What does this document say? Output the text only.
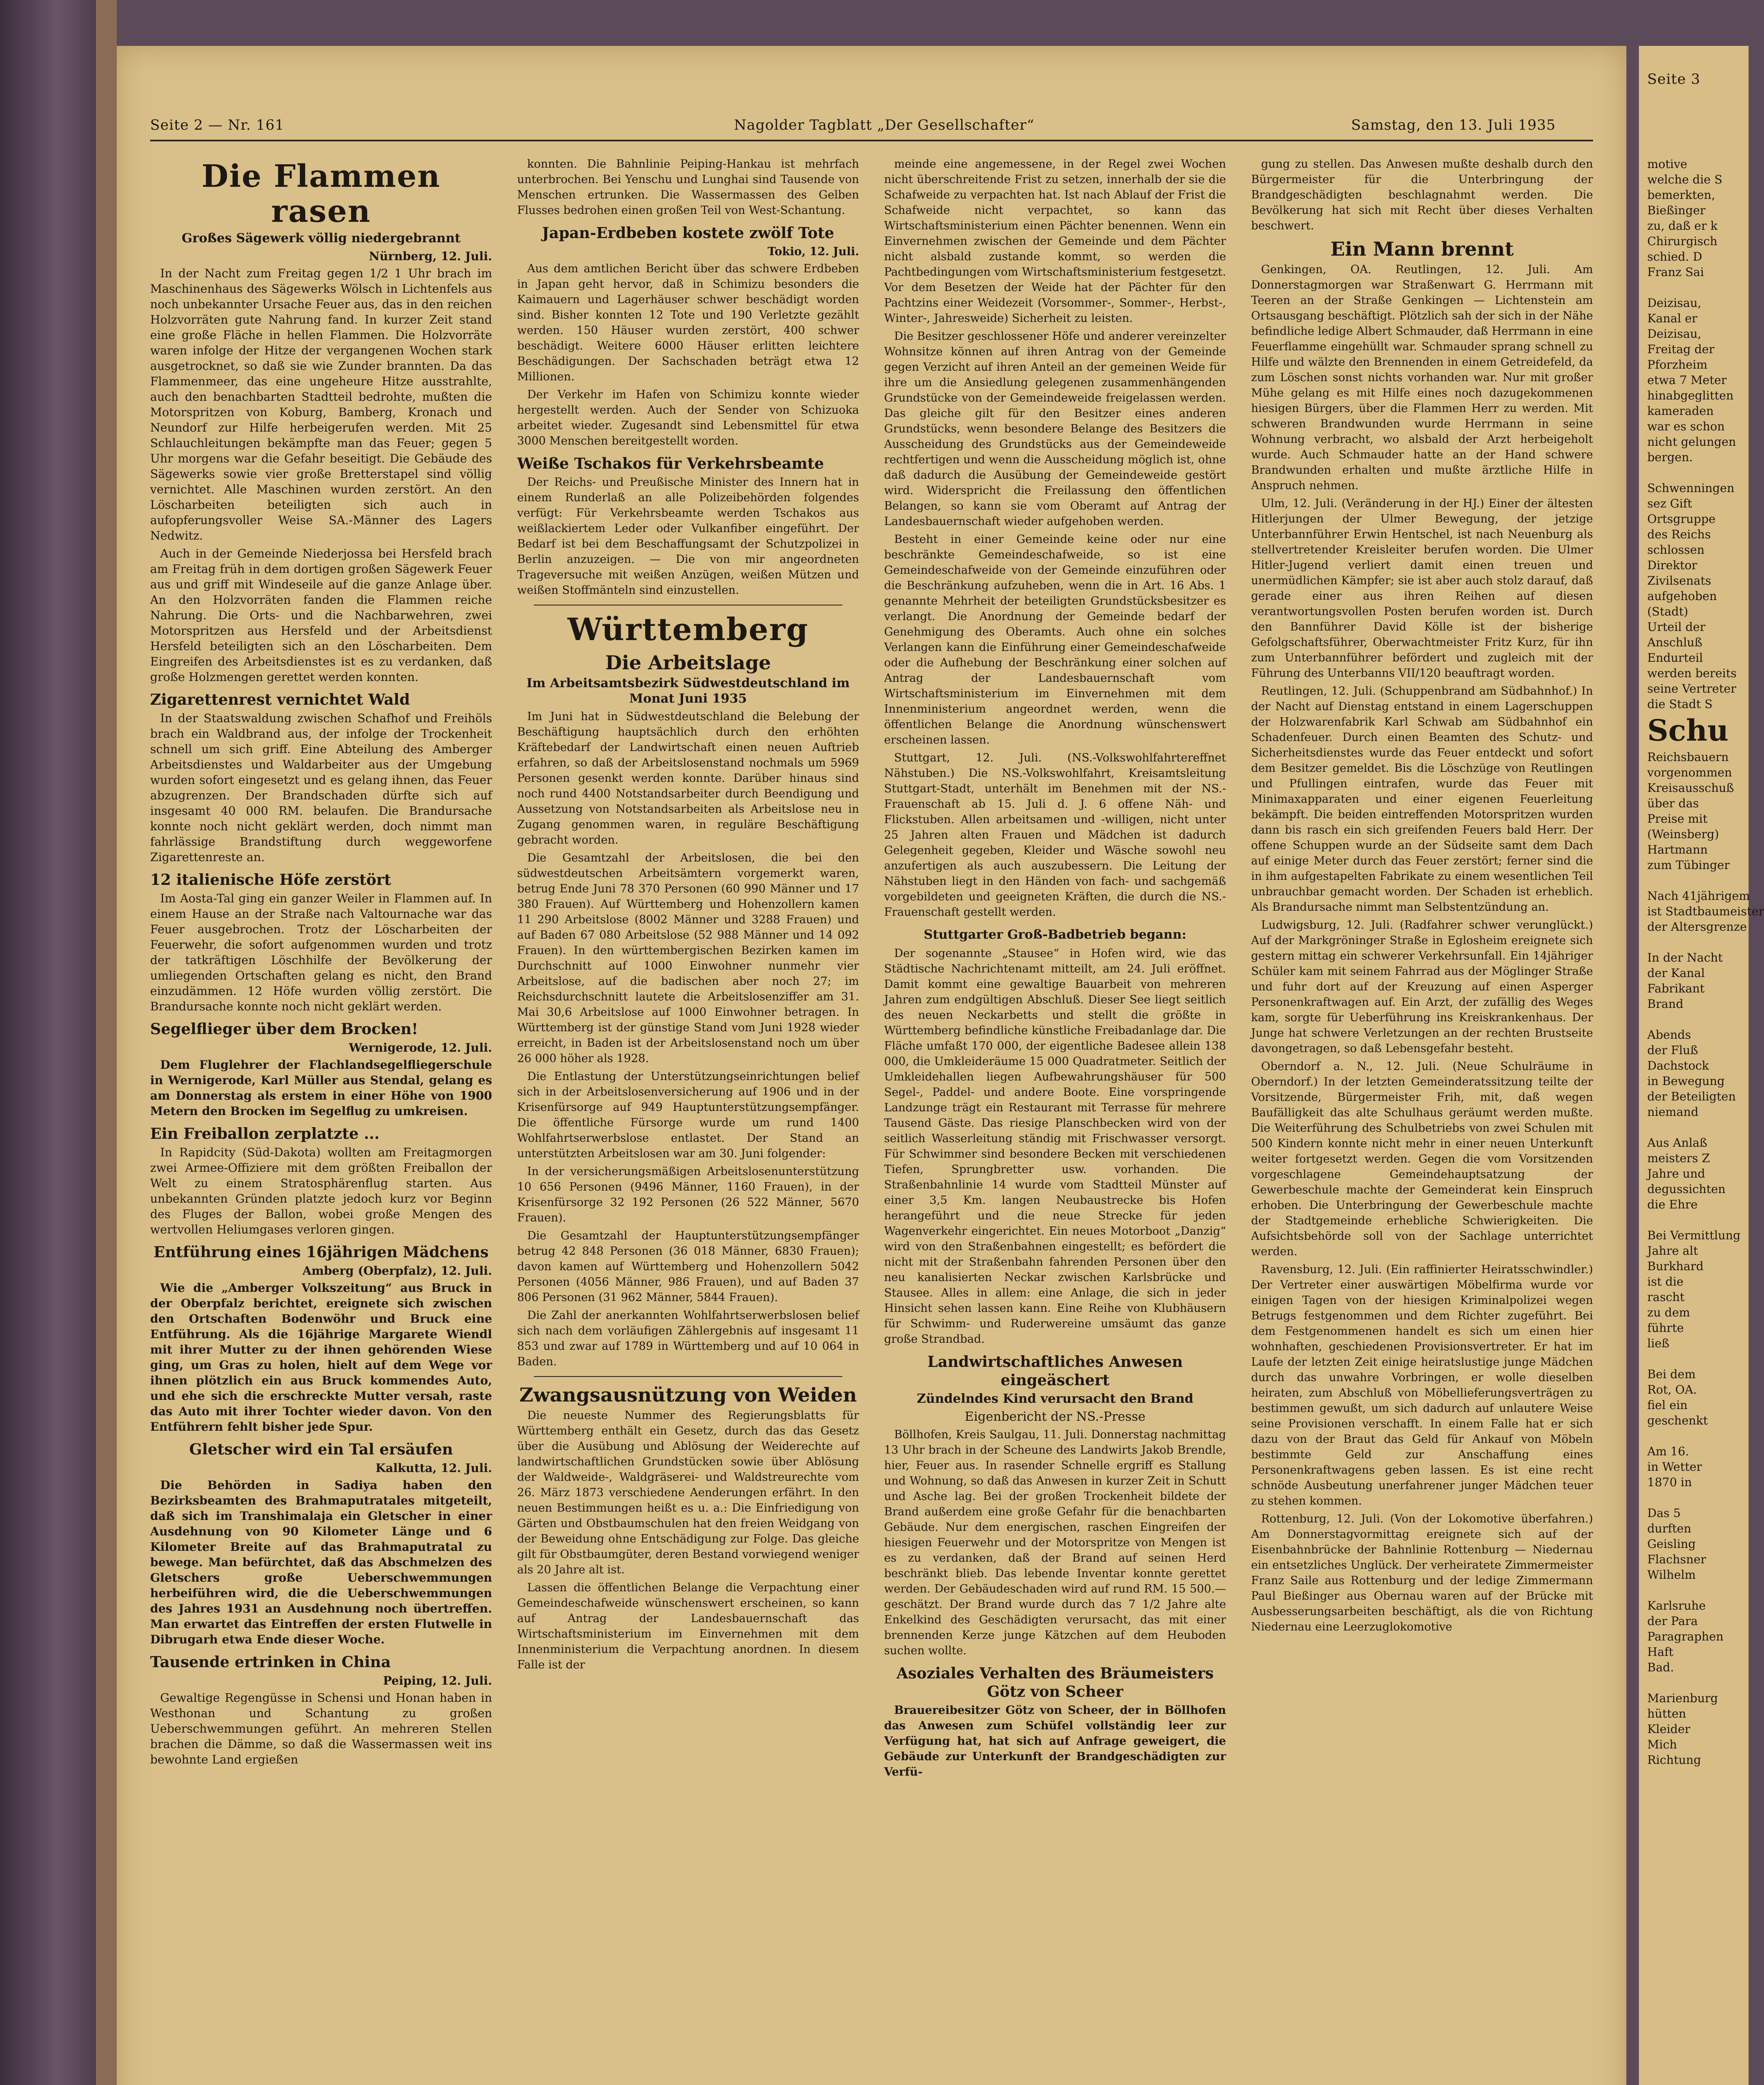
Seite 2 — Nr. 161	Nagolder Tagblatt „Der Gesellschafter“	Samstag, den 13. Juli 1935
Die Flammen rasen

Großes Sägewerk völlig niedergebrannt

Nürnberg, 12. Juli.

In der Nacht zum Freitag gegen 1/2 1 Uhr brach im Maschinenhaus des Sägewerks Wölsch in Lichtenfels aus noch unbekannter Ursache Feuer aus, das in den reichen Holzvorräten gute Nahrung fand. In kurzer Zeit stand eine große Fläche in hellen Flammen. Die Holzvorräte waren infolge der Hitze der vergangenen Wochen stark ausgetrocknet, so daß sie wie Zunder brannten. Da das Flammenmeer, das eine ungeheure Hitze ausstrahlte, auch den benachbarten Stadtteil bedrohte, mußten die Motorspritzen von Koburg, Bamberg, Kronach und Neundorf zur Hilfe herbeigerufen werden. Mit 25 Schlauchleitungen bekämpfte man das Feuer; gegen 5 Uhr morgens war die Gefahr beseitigt. Die Gebäude des Sägewerks sowie vier große Bretterstapel sind völlig vernichtet. Alle Maschinen wurden zerstört. An den Löscharbeiten beteiligten sich auch in aufopferungsvoller Weise SA.-Männer des Lagers Nedwitz.

Auch in der Gemeinde Niederjossa bei Hersfeld brach am Freitag früh in dem dortigen großen Sägewerk Feuer aus und griff mit Windeseile auf die ganze Anlage über. An den Holzvorräten fanden die Flammen reiche Nahrung. Die Orts- und die Nachbarwehren, zwei Motorspritzen aus Hersfeld und der Arbeitsdienst Hersfeld beteiligten sich an den Löscharbeiten. Dem Eingreifen des Arbeitsdienstes ist es zu verdanken, daß große Holzmengen gerettet werden konnten.

Zigarettenrest vernichtet Wald

In der Staatswaldung zwischen Schafhof und Freihöls brach ein Waldbrand aus, der infolge der Trockenheit schnell um sich griff. Eine Abteilung des Amberger Arbeitsdienstes und Waldarbeiter aus der Umgebung wurden sofort eingesetzt und es gelang ihnen, das Feuer abzugrenzen. Der Brandschaden dürfte sich auf insgesamt 40 000 RM. belaufen. Die Brandursache konnte noch nicht geklärt werden, doch nimmt man fahrlässige Brandstiftung durch weggeworfene Zigarettenreste an.

12 italienische Höfe zerstört

Im Aosta-Tal ging ein ganzer Weiler in Flammen auf. In einem Hause an der Straße nach Valtournache war das Feuer ausgebrochen. Trotz der Löscharbeiten der Feuerwehr, die sofort aufgenommen wurden und trotz der tatkräftigen Löschhilfe der Bevölkerung der umliegenden Ortschaften gelang es nicht, den Brand einzudämmen. 12 Höfe wurden völlig zerstört. Die Brandursache konnte noch nicht geklärt werden.

Segelflieger über dem Brocken!

Wernigerode, 12. Juli.

Dem Fluglehrer der Flachlandsegelfliegerschule in Wernigerode, Karl Müller aus Stendal, gelang es am Donnerstag als erstem in einer Höhe von 1900 Metern den Brocken im Segelflug zu umkreisen.

Ein Freiballon zerplatzte ...

In Rapidcity (Süd-Dakota) wollten am Freitagmorgen zwei Armee-Offiziere mit dem größten Freiballon der Welt zu einem Stratosphärenflug starten. Aus unbekannten Gründen platzte jedoch kurz vor Beginn des Fluges der Ballon, wobei große Mengen des wertvollen Heliumgases verloren gingen.

Entführung eines 16jährigen Mädchens

Amberg (Oberpfalz), 12. Juli.

Wie die „Amberger Volkszeitung“ aus Bruck in der Oberpfalz berichtet, ereignete sich zwischen den Ortschaften Bodenwöhr und Bruck eine Entführung. Als die 16jährige Margarete Wiendl mit ihrer Mutter zu der ihnen gehörenden Wiese ging, um Gras zu holen, hielt auf dem Wege vor ihnen plötzlich ein aus Bruck kommendes Auto, und ehe sich die erschreckte Mutter versah, raste das Auto mit ihrer Tochter wieder davon. Von den Entführern fehlt bisher jede Spur.

Gletscher wird ein Tal ersäufen

Kalkutta, 12. Juli.

Die Behörden in Sadiya haben den Bezirksbeamten des Brahmaputratales mitgeteilt, daß sich im Transhimalaja ein Gletscher in einer Ausdehnung von 90 Kilometer Länge und 6 Kilometer Breite auf das Brahmaputratal zu bewege. Man befürchtet, daß das Abschmelzen des Gletschers große Ueberschwemmungen herbeiführen wird, die die Ueberschwemmungen des Jahres 1931 an Ausdehnung noch übertreffen. Man erwartet das Eintreffen der ersten Flutwelle in Dibrugarh etwa Ende dieser Woche.

Tausende ertrinken in China

Peiping, 12. Juli.

Gewaltige Regengüsse in Schensi und Honan haben in Westhonan und Schantung zu großen Ueberschwemmungen geführt. An mehreren Stellen brachen die Dämme, so daß die Wassermassen weit ins bewohnte Land ergießen

konnten. Die Bahnlinie Peiping-Hankau ist mehrfach unterbrochen. Bei Yenschu und Lunghai sind Tausende von Menschen ertrunken. Die Wassermassen des Gelben Flusses bedrohen einen großen Teil von West-Schantung.

Japan-Erdbeben kostete zwölf Tote

Tokio, 12. Juli.

Aus dem amtlichen Bericht über das schwere Erdbeben in Japan geht hervor, daß in Schimizu besonders die Kaimauern und Lagerhäuser schwer beschädigt worden sind. Bisher konnten 12 Tote und 190 Verletzte gezählt werden. 150 Häuser wurden zerstört, 400 schwer beschädigt. Weitere 6000 Häuser erlitten leichtere Beschädigungen. Der Sachschaden beträgt etwa 12 Millionen.

Der Verkehr im Hafen von Schimizu konnte wieder hergestellt werden. Auch der Sender von Schizuoka arbeitet wieder. Zugesandt sind Lebensmittel für etwa 3000 Menschen bereitgestellt worden.

Weiße Tschakos für Verkehrsbeamte

Der Reichs- und Preußische Minister des Innern hat in einem Runderlaß an alle Polizeibehörden folgendes verfügt: Für Verkehrsbeamte werden Tschakos aus weißlackiertem Leder oder Vulkanfiber eingeführt. Der Bedarf ist bei dem Beschaffungsamt der Schutzpolizei in Berlin anzuzeigen. — Die von mir angeordneten Trageversuche mit weißen Anzügen, weißen Mützen und weißen Stoffmänteln sind einzustellen.

Württemberg
Die Arbeitslage

Im Arbeitsamtsbezirk Südwestdeutschland im Monat Juni 1935

Im Juni hat in Südwestdeutschland die Belebung der Beschäftigung hauptsächlich durch den erhöhten Kräftebedarf der Landwirtschaft einen neuen Auftrieb erfahren, so daß der Arbeitslosenstand nochmals um 5969 Personen gesenkt werden konnte. Darüber hinaus sind noch rund 4400 Notstandsarbeiter durch Beendigung und Aussetzung von Notstandsarbeiten als Arbeitslose neu in Zugang genommen waren, in reguläre Beschäftigung gebracht worden.

Die Gesamtzahl der Arbeitslosen, die bei den südwestdeutschen Arbeitsämtern vorgemerkt waren, betrug Ende Juni 78 370 Personen (60 990 Männer und 17 380 Frauen). Auf Württemberg und Hohenzollern kamen 11 290 Arbeitslose (8002 Männer und 3288 Frauen) und auf Baden 67 080 Arbeitslose (52 988 Männer und 14 092 Frauen). In den württembergischen Bezirken kamen im Durchschnitt auf 1000 Einwohner nunmehr vier Arbeitslose, auf die badischen aber noch 27; im Reichsdurchschnitt lautete die Arbeitslosenziffer am 31. Mai 30,6 Arbeitslose auf 1000 Einwohner betragen. In Württemberg ist der günstige Stand vom Juni 1928 wieder erreicht, in Baden ist der Arbeitslosenstand noch um über 26 000 höher als 1928.

Die Entlastung der Unterstützungseinrichtungen belief sich in der Arbeitslosenversicherung auf 1906 und in der Krisenfürsorge auf 949 Hauptunterstützungsempfänger. Die öffentliche Fürsorge wurde um rund 1400 Wohlfahrtserwerbslose entlastet. Der Stand an unterstützten Arbeitslosen war am 30. Juni folgender:

In der versicherungsmäßigen Arbeitslosenunterstützung 10 656 Personen (9496 Männer, 1160 Frauen), in der Krisenfürsorge 32 192 Personen (26 522 Männer, 5670 Frauen).

Die Gesamtzahl der Hauptunterstützungsempfänger betrug 42 848 Personen (36 018 Männer, 6830 Frauen); davon kamen auf Württemberg und Hohenzollern 5042 Personen (4056 Männer, 986 Frauen), und auf Baden 37 806 Personen (31 962 Männer, 5844 Frauen).

Die Zahl der anerkannten Wohlfahrtserwerbslosen belief sich nach dem vorläufigen Zählergebnis auf insgesamt 11 853 und zwar auf 1789 in Württemberg und auf 10 064 in Baden.

Zwangsausnützung von Weiden

Die neueste Nummer des Regierungsblatts für Württemberg enthält ein Gesetz, durch das das Gesetz über die Ausübung und Ablösung der Weiderechte auf landwirtschaftlichen Grundstücken sowie über Ablösung der Waldweide-, Waldgräserei- und Waldstreurechte vom 26. März 1873 verschiedene Aenderungen erfährt. In den neuen Bestimmungen heißt es u. a.: Die Einfriedigung von Gärten und Obstbaumschulen hat den freien Weidgang von der Beweidung ohne Entschädigung zur Folge. Das gleiche gilt für Obstbaumgüter, deren Bestand vorwiegend weniger als 20 Jahre alt ist.

Lassen die öffentlichen Belange die Verpachtung einer Gemeindeschafweide wünschenswert erscheinen, so kann auf Antrag der Landesbauernschaft das Wirtschaftsministerium im Einvernehmen mit dem Innenministerium die Verpachtung anordnen. In diesem Falle ist der

meinde eine angemessene, in der Regel zwei Wochen nicht überschreitende Frist zu setzen, innerhalb der sie die Schafweide zu verpachten hat. Ist nach Ablauf der Frist die Schafweide nicht verpachtet, so kann das Wirtschaftsministerium einen Pächter benennen. Wenn ein Einvernehmen zwischen der Gemeinde und dem Pächter nicht alsbald zustande kommt, so werden die Pachtbedingungen vom Wirtschaftsministerium festgesetzt. Vor dem Besetzen der Weide hat der Pächter für den Pachtzins einer Weidezeit (Vorsommer-, Sommer-, Herbst-, Winter-, Jahresweide) Sicherheit zu leisten.

Die Besitzer geschlossener Höfe und anderer vereinzelter Wohnsitze können auf ihren Antrag von der Gemeinde gegen Verzicht auf ihren Anteil an der gemeinen Weide für ihre um die Ansiedlung gelegenen zusammenhängenden Grundstücke von der Gemeindeweide freigelassen werden. Das gleiche gilt für den Besitzer eines anderen Grundstücks, wenn besondere Belange des Besitzers die Ausscheidung des Grundstücks aus der Gemeindeweide rechtfertigen und wenn die Ausscheidung möglich ist, ohne daß dadurch die Ausübung der Gemeindeweide gestört wird. Widerspricht die Freilassung den öffentlichen Belangen, so kann sie vom Oberamt auf Antrag der Landesbauernschaft wieder aufgehoben werden.

Besteht in einer Gemeinde keine oder nur eine beschränkte Gemeindeschafweide, so ist eine Gemeindeschafweide von der Gemeinde einzuführen oder die Beschränkung aufzuheben, wenn die in Art. 16 Abs. 1 genannte Mehrheit der beteiligten Grundstücksbesitzer es verlangt. Die Anordnung der Gemeinde bedarf der Genehmigung des Oberamts. Auch ohne ein solches Verlangen kann die Einführung einer Gemeindeschafweide oder die Aufhebung der Beschränkung einer solchen auf Antrag der Landesbauernschaft vom Wirtschaftsministerium im Einvernehmen mit dem Innenministerium angeordnet werden, wenn die öffentlichen Belange die Anordnung wünschenswert erscheinen lassen.

Stuttgart, 12. Juli. (NS.-Volkswohlfahrtereffnet Nähstuben.) Die NS.-Volkswohlfahrt, Kreisamtsleitung Stuttgart-Stadt, unterhält im Benehmen mit der NS.-Frauenschaft ab 15. Juli d. J. 6 offene Näh- und Flickstuben. Allen arbeitsamen und -willigen, nicht unter 25 Jahren alten Frauen und Mädchen ist dadurch Gelegenheit gegeben, Kleider und Wäsche sowohl neu anzufertigen als auch auszubessern. Die Leitung der Nähstuben liegt in den Händen von fach- und sachgemäß vorgebildeten und geeigneten Kräften, die durch die NS.-Frauenschaft gestellt werden.

Stuttgarter Groß-Badbetrieb begann:

Der sogenannte „Stausee“ in Hofen wird, wie das Städtische Nachrichtenamt mitteilt, am 24. Juli eröffnet. Damit kommt eine gewaltige Bauarbeit von mehreren Jahren zum endgültigen Abschluß. Dieser See liegt seitlich des neuen Neckarbetts und stellt die größte in Württemberg befindliche künstliche Freibadanlage dar. Die Fläche umfaßt 170 000, der eigentliche Badesee allein 138 000, die Umkleideräume 15 000 Quadratmeter. Seitlich der Umkleidehallen liegen Aufbewahrungshäuser für 500 Segel-, Paddel- und andere Boote. Eine vorspringende Landzunge trägt ein Restaurant mit Terrasse für mehrere Tausend Gäste. Das riesige Planschbecken wird von der seitlich Wasserleitung ständig mit Frischwasser versorgt. Für Schwimmer sind besondere Becken mit verschiedenen Tiefen, Sprungbretter usw. vorhanden. Die Straßenbahnlinie 14 wurde vom Stadtteil Münster auf einer 3,5 Km. langen Neubaustrecke bis Hofen herangeführt und die neue Strecke für jeden Wagenverkehr eingerichtet. Ein neues Motorboot „Danzig“ wird von den Straßenbahnen eingestellt; es befördert die nicht mit der Straßenbahn fahrenden Personen über den neu kanalisierten Neckar zwischen Karlsbrücke und Stausee. Alles in allem: eine Anlage, die sich in jeder Hinsicht sehen lassen kann. Eine Reihe von Klubhäusern für Schwimm- und Ruderwereine umsäumt das ganze große Strandbad.

Landwirtschaftliches Anwesen eingeäschert

Zündelndes Kind verursacht den Brand

Eigenbericht der NS.-Presse

Böllhofen, Kreis Saulgau, 11. Juli. Donnerstag nachmittag 13 Uhr brach in der Scheune des Landwirts Jakob Brendle, hier, Feuer aus. In rasender Schnelle ergriff es Stallung und Wohnung, so daß das Anwesen in kurzer Zeit in Schutt und Asche lag. Bei der großen Trockenheit bildete der Brand außerdem eine große Gefahr für die benachbarten Gebäude. Nur dem energischen, raschen Eingreifen der hiesigen Feuerwehr und der Motorspritze von Mengen ist es zu verdanken, daß der Brand auf seinen Herd beschränkt blieb. Das lebende Inventar konnte gerettet werden. Der Gebäudeschaden wird auf rund RM. 15 500.— geschätzt. Der Brand wurde durch das 7 1/2 Jahre alte Enkelkind des Geschädigten verursacht, das mit einer brennenden Kerze junge Kätzchen auf dem Heuboden suchen wollte.

Asoziales Verhalten des Bräumeisters Götz von Scheer

Brauereibesitzer Götz von Scheer, der in Böllhofen das Anwesen zum Schüfel vollständig leer zur Verfügung hat, hat sich auf Anfrage geweigert, die Gebäude zur Unterkunft der Brandgeschädigten zur Verfü-

gung zu stellen. Das Anwesen mußte deshalb durch den Bürgermeister für die Unterbringung der Brandgeschädigten beschlagnahmt werden. Die Bevölkerung hat sich mit Recht über dieses Verhalten beschwert.

Ein Mann brennt

Genkingen, OA. Reutlingen, 12. Juli. Am Donnerstagmorgen war Straßenwart G. Herrmann mit Teeren an der Straße Genkingen — Lichtenstein am Ortsausgang beschäftigt. Plötzlich sah der sich in der Nähe befindliche ledige Albert Schmauder, daß Herrmann in eine Feuerflamme eingehüllt war. Schmauder sprang schnell zu Hilfe und wälzte den Brennenden in einem Getreidefeld, da zum Löschen sonst nichts vorhanden war. Nur mit großer Mühe gelang es mit Hilfe eines noch dazugekommenen hiesigen Bürgers, über die Flammen Herr zu werden. Mit schweren Brandwunden wurde Herrmann in seine Wohnung verbracht, wo alsbald der Arzt herbeigeholt wurde. Auch Schmauder hatte an der Hand schwere Brandwunden erhalten und mußte ärztliche Hilfe in Anspruch nehmen.

Ulm, 12. Juli. (Veränderung in der HJ.) Einer der ältesten Hitlerjungen der Ulmer Bewegung, der jetzige Unterbannführer Erwin Hentschel, ist nach Neuenburg als stellvertretender Kreisleiter berufen worden. Die Ulmer Hitler-Jugend verliert damit einen treuen und unermüdlichen Kämpfer; sie ist aber auch stolz darauf, daß gerade einer aus ihren Reihen auf diesen verantwortungsvollen Posten berufen worden ist. Durch den Bannführer David Kölle ist der bisherige Gefolgschaftsführer, Oberwachtmeister Fritz Kurz, für ihn zum Unterbannführer befördert und zugleich mit der Führung des Unterbanns VII/120 beauftragt worden.

Reutlingen, 12. Juli. (Schuppenbrand am Südbahnhof.) In der Nacht auf Dienstag entstand in einem Lagerschuppen der Holzwarenfabrik Karl Schwab am Südbahnhof ein Schadenfeuer. Durch einen Beamten des Schutz- und Sicherheitsdienstes wurde das Feuer entdeckt und sofort dem Besitzer gemeldet. Bis die Löschzüge von Reutlingen und Pfullingen eintrafen, wurde das Feuer mit Minimaxapparaten und einer eigenen Feuerleitung bekämpft. Die beiden eintreffenden Motorspritzen wurden dann bis rasch ein sich greifenden Feuers bald Herr. Der offene Schuppen wurde an der Südseite samt dem Dach auf einige Meter durch das Feuer zerstört; ferner sind die in ihm aufgestapelten Fabrikate zu einem wesentlichen Teil unbrauchbar gemacht worden. Der Schaden ist erheblich. Als Brandursache nimmt man Selbstentzündung an.

Ludwigsburg, 12. Juli. (Radfahrer schwer verunglückt.) Auf der Markgröninger Straße in Eglosheim ereignete sich gestern mittag ein schwerer Verkehrsunfall. Ein 14jähriger Schüler kam mit seinem Fahrrad aus der Möglinger Straße und fuhr dort auf der Kreuzung auf einen Asperger Personenkraftwagen auf. Ein Arzt, der zufällig des Weges kam, sorgte für Ueberführung ins Kreiskrankenhaus. Der Junge hat schwere Verletzungen an der rechten Brustseite davongetragen, so daß Lebensgefahr besteht.

Oberndorf a. N., 12. Juli. (Neue Schulräume in Oberndorf.) In der letzten Gemeinderatssitzung teilte der Vorsitzende, Bürgermeister Frih, mit, daß wegen Baufälligkeit das alte Schulhaus geräumt werden mußte. Die Weiterführung des Schulbetriebs von zwei Schulen mit 500 Kindern konnte nicht mehr in einer neuen Unterkunft weiter fortgesetzt werden. Gegen die vom Vorsitzenden vorgeschlagene Gemeindehauptsatzung der Gewerbeschule machte der Gemeinderat kein Einspruch erhoben. Die Unterbringung der Gewerbeschule machte der Stadtgemeinde erhebliche Schwierigkeiten. Die Aufsichtsbehörde soll von der Sachlage unterrichtet werden.

Ravensburg, 12. Juli. (Ein raffinierter Heiratsschwindler.) Der Vertreter einer auswärtigen Möbelfirma wurde vor einigen Tagen von der hiesigen Kriminalpolizei wegen Betrugs festgenommen und dem Richter zugeführt. Bei dem Festgenommenen handelt es sich um einen hier wohnhaften, geschiedenen Provisionsvertreter. Er hat im Laufe der letzten Zeit einige heiratslustige junge Mädchen durch das unwahre Vorbringen, er wolle dieselben heiraten, zum Abschluß von Möbellieferungsverträgen zu bestimmen gewußt, um sich dadurch auf unlautere Weise seine Provisionen verschafft. In einem Falle hat er sich dazu von der Braut das Geld für Ankauf von Möbeln bestimmte Geld zur Anschaffung eines Personenkraftwagens geben lassen. Es ist eine recht schnöde Ausbeutung unerfahrener junger Mädchen teuer zu stehen kommen.

Rottenburg, 12. Juli. (Von der Lokomotive überfahren.) Am Donnerstagvormittag ereignete sich auf der Eisenbahnbrücke der Bahnlinie Rottenburg — Niedernau ein entsetzliches Unglück. Der verheiratete Zimmermeister Franz Saile aus Rottenburg und der ledige Zimmermann Paul Bießinger aus Obernau waren auf der Brücke mit Ausbesserungsarbeiten beschäftigt, als die von Richtung Niedernau eine Leerzuglokomotive

Seite 3
motive
welche die S
bemerkten,
Bießinger
zu, daß er k
Chirurgisch
schied. D
Franz Sai
Deizisau,
Kanal er
Deizisau,
Freitag der
Pforzheim
etwa 7 Meter
hinabgeglitten
kameraden
war es schon
nicht gelungen
bergen.
Schwenningen
sez Gift
Ortsgruppe
des Reichs
schlossen
Direktor
Zivilsenats
aufgehoben
(Stadt)
Urteil der
Anschluß
Endurteil
werden bereits
seine Vertreter
die Stadt S
Schu
Reichsbauern
vorgenommen
Kreisausschuß
über das
Preise mit
(Weinsberg)
Hartmann
zum Tübinger
Nach 41jährigem
ist Stadtbaumeister
der Altersgrenze
In der Nacht
der Kanal
Fabrikant
Brand
Abends
der Fluß
Dachstock
in Bewegung
der Beteiligten
niemand
Aus Anlaß
meisters Z
Jahre und
degussichten
die Ehre
Bei Vermittlung
Jahre alt
Burkhard
ist die
rascht
zu dem
führte
ließ
Bei dem
Rot, OA.
fiel ein
geschenkt
Am 16.
in Wetter
1870 in
Das 5
durften
Geisling
Flachsner
Wilhelm
Karlsruhe
der Para
Paragraphen
Haft
Bad.
Marienburg
hütten
Kleider
Mich
Richtung
